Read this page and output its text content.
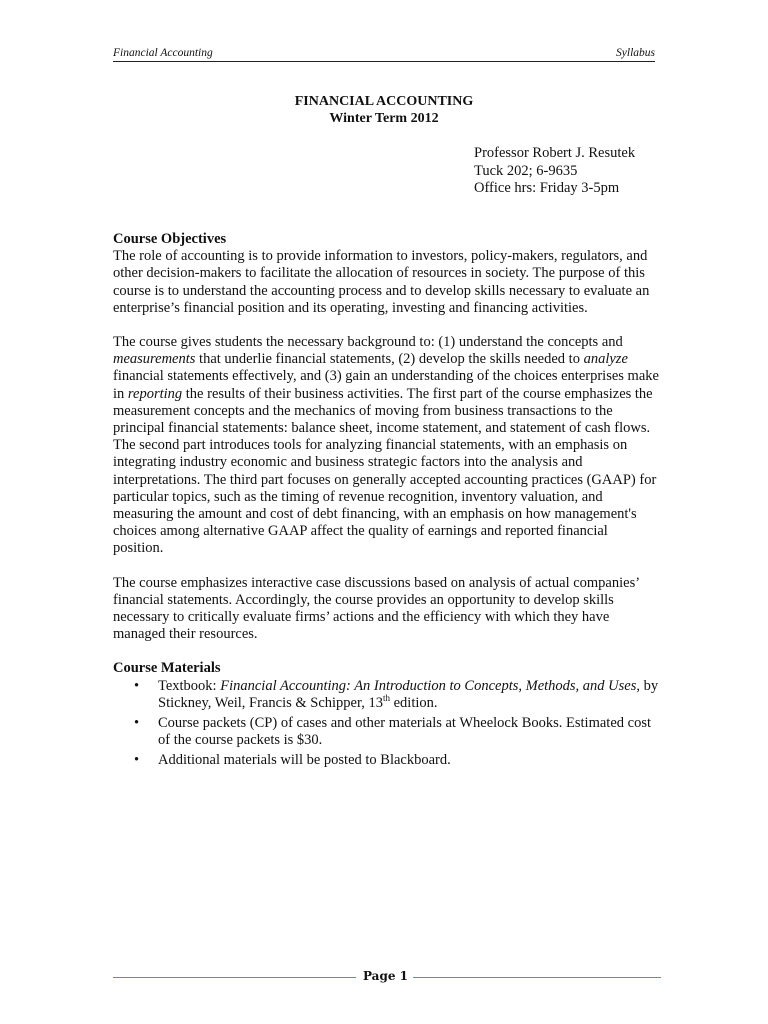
Financial Accounting	Syllabus
FINANCIAL ACCOUNTING
Winter Term 2012
Professor Robert J. Resutek
Tuck 202; 6-9635
Office hrs: Friday 3-5pm

Course Objectives

The role of accounting is to provide information to investors, policy-makers, regulators, and other decision-makers to facilitate the allocation of resources in society. The purpose of this course is to understand the accounting process and to develop skills necessary to evaluate an enterprise’s financial position and its operating, investing and financing activities.

The course gives students the necessary background to: (1) understand the concepts and measurements that underlie financial statements, (2) develop the skills needed to analyze financial statements effectively, and (3) gain an understanding of the choices enterprises make in reporting the results of their business activities. The first part of the course emphasizes the measurement concepts and the mechanics of moving from business transactions to the principal financial statements: balance sheet, income statement, and statement of cash flows. The second part introduces tools for analyzing financial statements, with an emphasis on integrating industry economic and business strategic factors into the analysis and interpretations. The third part focuses on generally accepted accounting practices (GAAP) for particular topics, such as the timing of revenue recognition, inventory valuation, and measuring the amount and cost of debt financing, with an emphasis on how management's choices among alternative GAAP affect the quality of earnings and reported financial position.

The course emphasizes interactive case discussions based on analysis of actual companies’ financial statements. Accordingly, the course provides an opportunity to develop skills necessary to critically evaluate firms’ actions and the efficiency with which they have managed their resources.

Course Materials

• Textbook: Financial Accounting: An Introduction to Concepts, Methods, and Uses, by Stickney, Weil, Francis & Schipper, 13th edition.
• Course packets (CP) of cases and other materials at Wheelock Books. Estimated cost of the course packets is $30.
• Additional materials will be posted to Blackboard.
Page 1
